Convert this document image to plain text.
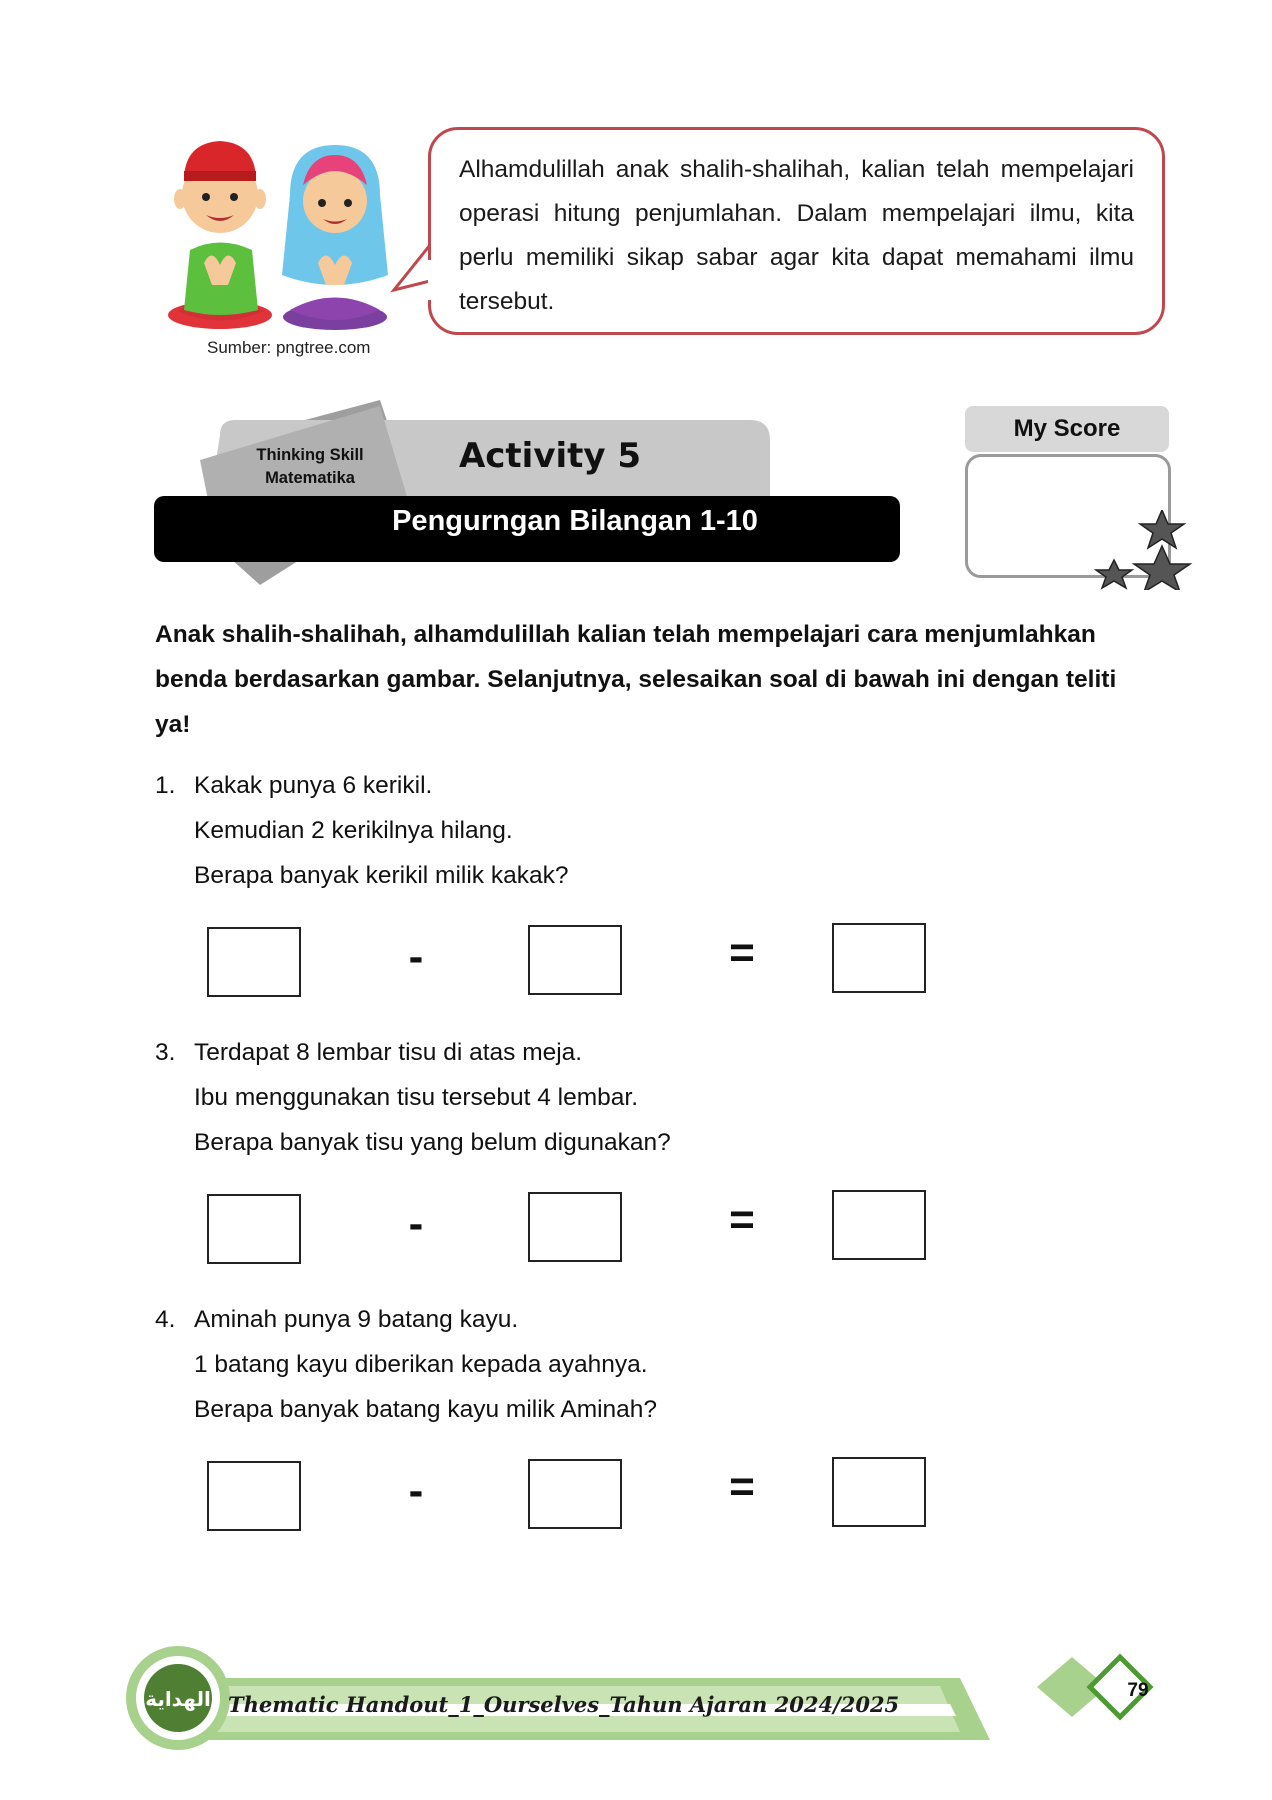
Sumber: pngtree.com

Alhamdulillah anak shalih-shalihah, kalian telah mempelajari operasi hitung penjumlahan. Dalam mempelajari ilmu, kita perlu memiliki sikap sabar agar kita dapat memahami ilmu tersebut.

Thinking Skill
Matematika
Activity 5
Pengurngan Bilangan 1-10
My Score

Anak shalih-shalihah, alhamdulillah kalian telah mempelajari cara menjumlahkan benda berdasarkan gambar. Selanjutnya, selesaikan soal di bawah ini dengan teliti ya!

1. Kakak punya 6 kerikil.
Kemudian 2 kerikilnya hilang.
Berapa banyak kerikil milik kakak?
-	=
3. Terdapat 8 lembar tisu di atas meja.
Ibu menggunakan tisu tersebut 4 lembar.
Berapa banyak tisu yang belum digunakan?
-	=
4. Aminah punya 9 batang kayu.
1 batang kayu diberikan kepada ayahnya.
Berapa banyak batang kayu milik Aminah?
-	=
الهداية Thematic Handout_1_Ourselves_Tahun Ajaran 2024/2025
79
